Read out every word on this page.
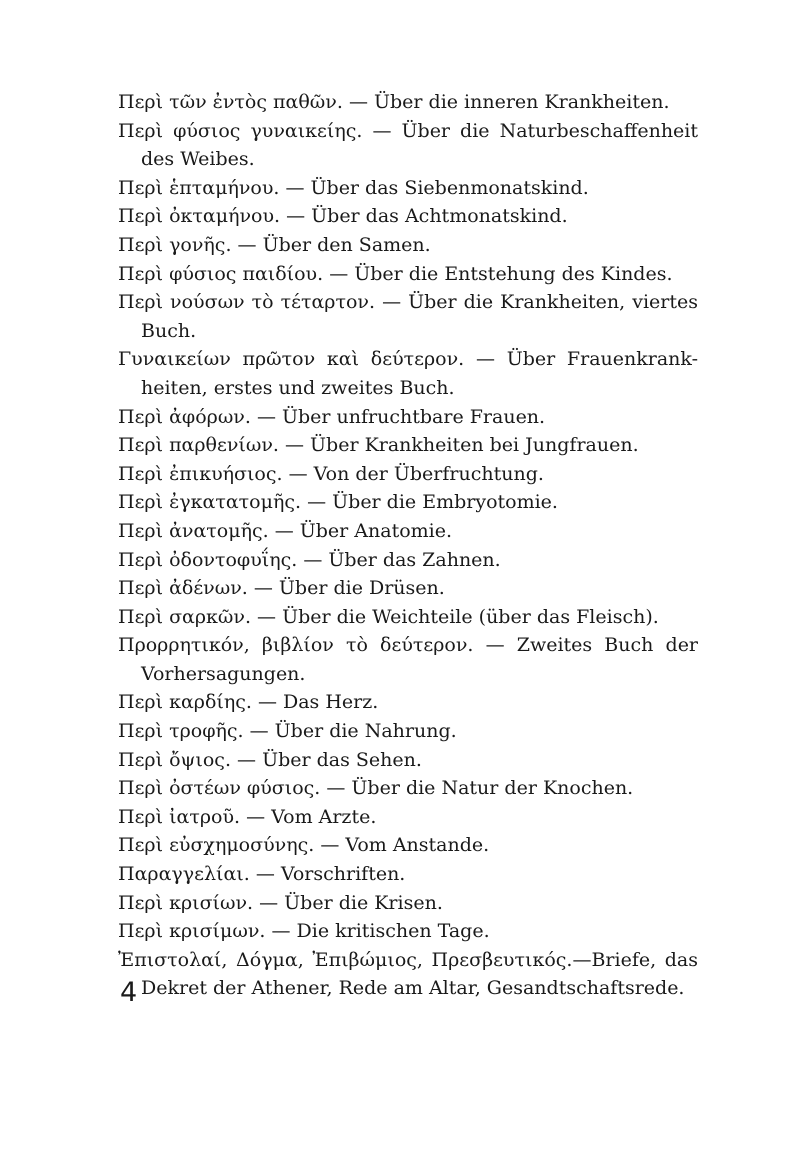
Περὶ τῶν ἐντὸς παθῶν. — Über die inneren Krankheiten.

Περὶ φύσιος γυναικείης. — Über die Naturbeschaffenheit des Weibes.

Περὶ ἑπταμήνου. — Über das Siebenmonatskind.

Περὶ ὀκταμήνου. — Über das Achtmonatskind.

Περὶ γονῆς. — Über den Samen.

Περὶ φύσιος παιδίου. — Über die Entstehung des Kindes.

Περὶ νούσων τὸ τέταρτον. — Über die Krankheiten, viertes Buch.

Γυναικείων πρῶτον καὶ δεύτερον. — Über Frauenkrank-heiten, erstes und zweites Buch.

Περὶ ἀφόρων. — Über unfruchtbare Frauen.

Περὶ παρθενίων. — Über Krankheiten bei Jungfrauen.

Περὶ ἐπικυήσιος. — Von der Überfruchtung.

Περὶ ἐγκατατομῆς. — Über die Embryotomie.

Περὶ ἀνατομῆς. — Über Anatomie.

Περὶ ὀδοντοφυΐης. — Über das Zahnen.

Περὶ ἀδένων. — Über die Drüsen.

Περὶ σαρκῶν. — Über die Weichteile (über das Fleisch).

Προρρητικόν, βιβλίον τὸ δεύτερον. — Zweites Buch der Vorhersagungen.

Περὶ καρδίης. — Das Herz.

Περὶ τροφῆς. — Über die Nahrung.

Περὶ ὄψιος. — Über das Sehen.

Περὶ ὀστέων φύσιος. — Über die Natur der Knochen.

Περὶ ἰατροῦ. — Vom Arzte.

Περὶ εὐσχημοσύνης. — Vom Anstande.

Παραγγελίαι. — Vorschriften.

Περὶ κρισίων. — Über die Krisen.

Περὶ κρισίμων. — Die kritischen Tage.

Ἐπιστολαί, Δόγμα, Ἐπιβώμιος, Πρεσβευτικός.—Briefe, das Dekret der Athener, Rede am Altar, Gesandtschaftsrede.

4
